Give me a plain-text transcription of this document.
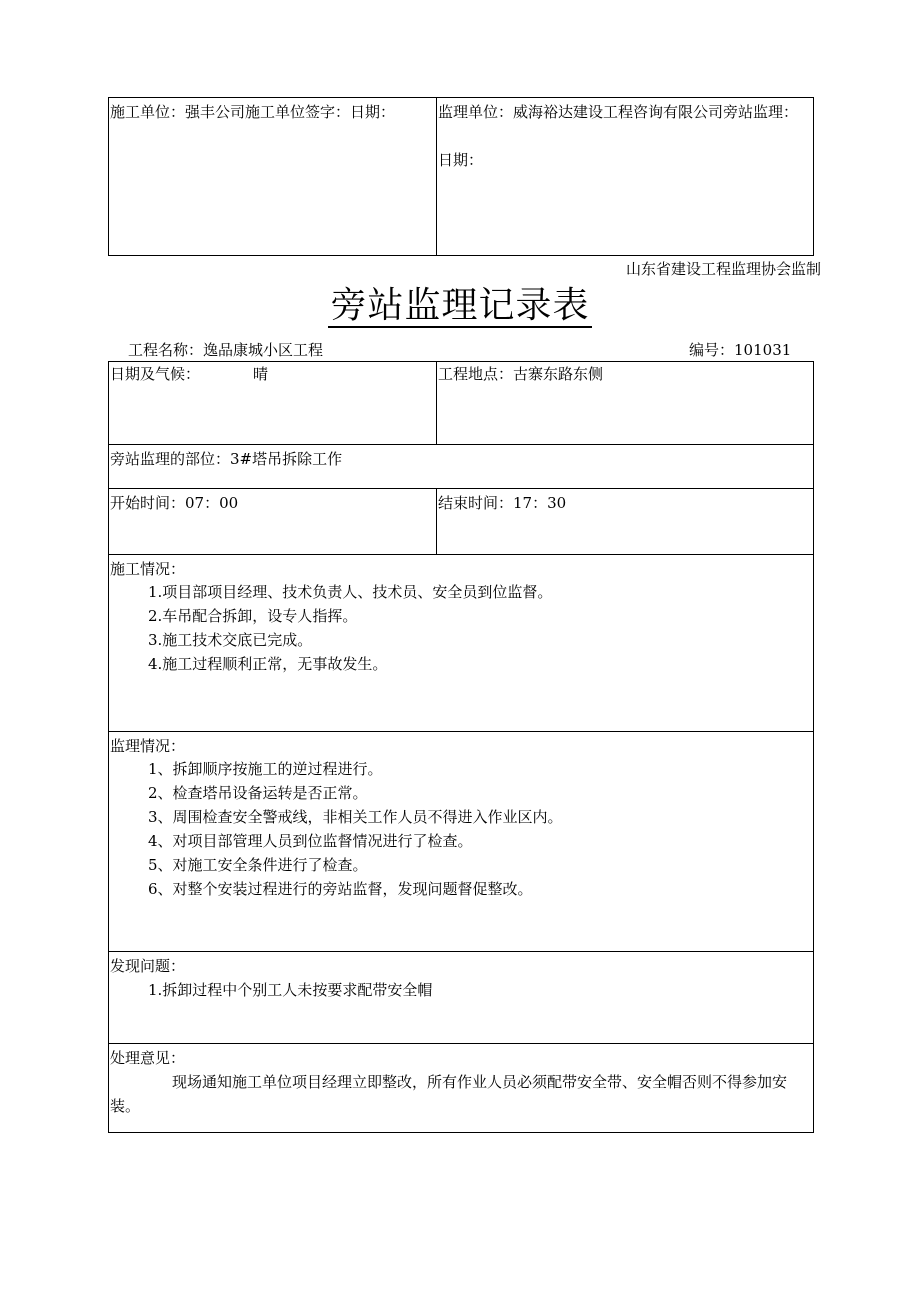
施工单位：强丰公司施工单位签字：日期：	监理单位：威海裕达建设工程咨询有限公司旁站监理：
日期：
山东省建设工程监理协会监制
旁站监理记录表
工程名称：逸品康城小区工程	编号：101031
日期及气候：	晴	工程地点：古寨东路东侧
旁站监理的部位：3#塔吊拆除工作
开始时间：07：00	结束时间：17：30
施工情况：
1.项目部项目经理、技术负责人、技术员、安全员到位监督。
2.车吊配合拆卸，设专人指挥。
3.施工技术交底已完成。
4.施工过程顺利正常，无事故发生。
监理情况：
1、拆卸顺序按施工的逆过程进行。
2、检查塔吊设备运转是否正常。
3、周围检查安全警戒线，非相关工作人员不得进入作业区内。
4、对项目部管理人员到位监督情况进行了检查。
5、对施工安全条件进行了检查。
6、对整个安装过程进行的旁站监督，发现问题督促整改。
发现问题：
1.拆卸过程中个别工人未按要求配带安全帽
处理意见：
现场通知施工单位项目经理立即整改，所有作业人员必须配带安全带、安全帽否则不得参加安装。
